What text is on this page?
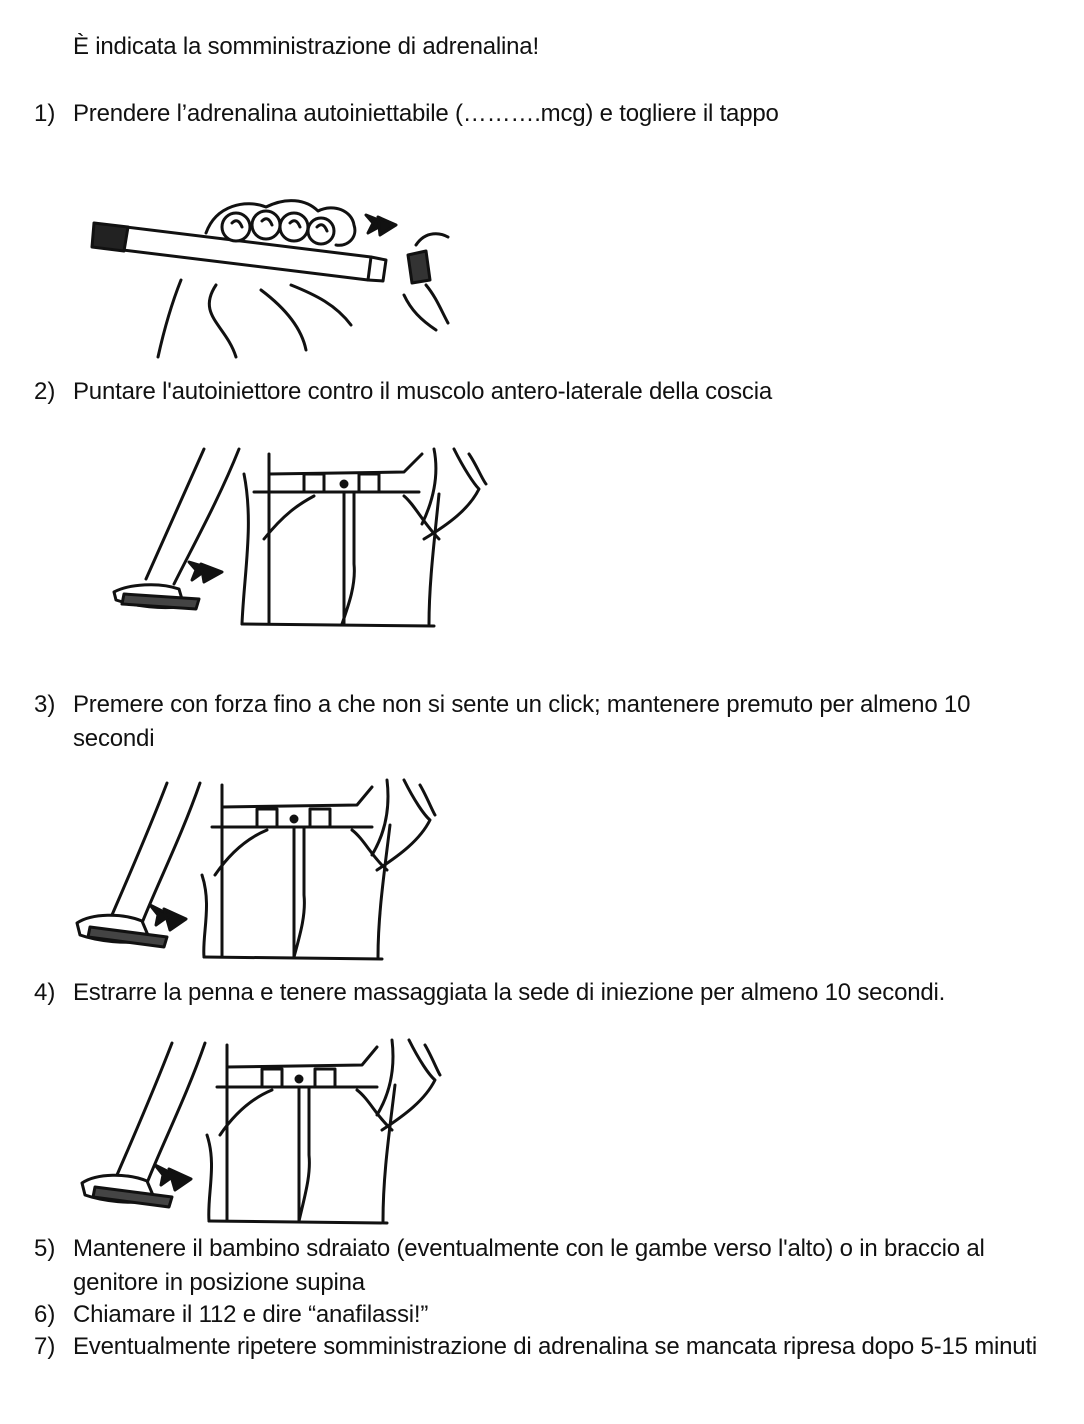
È indicata la somministrazione di adrenalina!
1) Prendere l’adrenalina autoiniettabile (……….mcg) e togliere il tappo
2) Puntare l'autoiniettore contro il muscolo antero-laterale della coscia
3) Premere con forza fino a che non si sente un click; mantenere premuto per almeno 10 secondi
4) Estrarre la penna e tenere massaggiata la sede di iniezione per almeno 10 secondi.
5) Mantenere il bambino sdraiato (eventualmente con le gambe verso l'alto) o in braccio al genitore in posizione supina
6) Chiamare il 112 e dire “anafilassi!”
7) Eventualmente ripetere somministrazione di adrenalina se mancata ripresa dopo 5-15 minuti
